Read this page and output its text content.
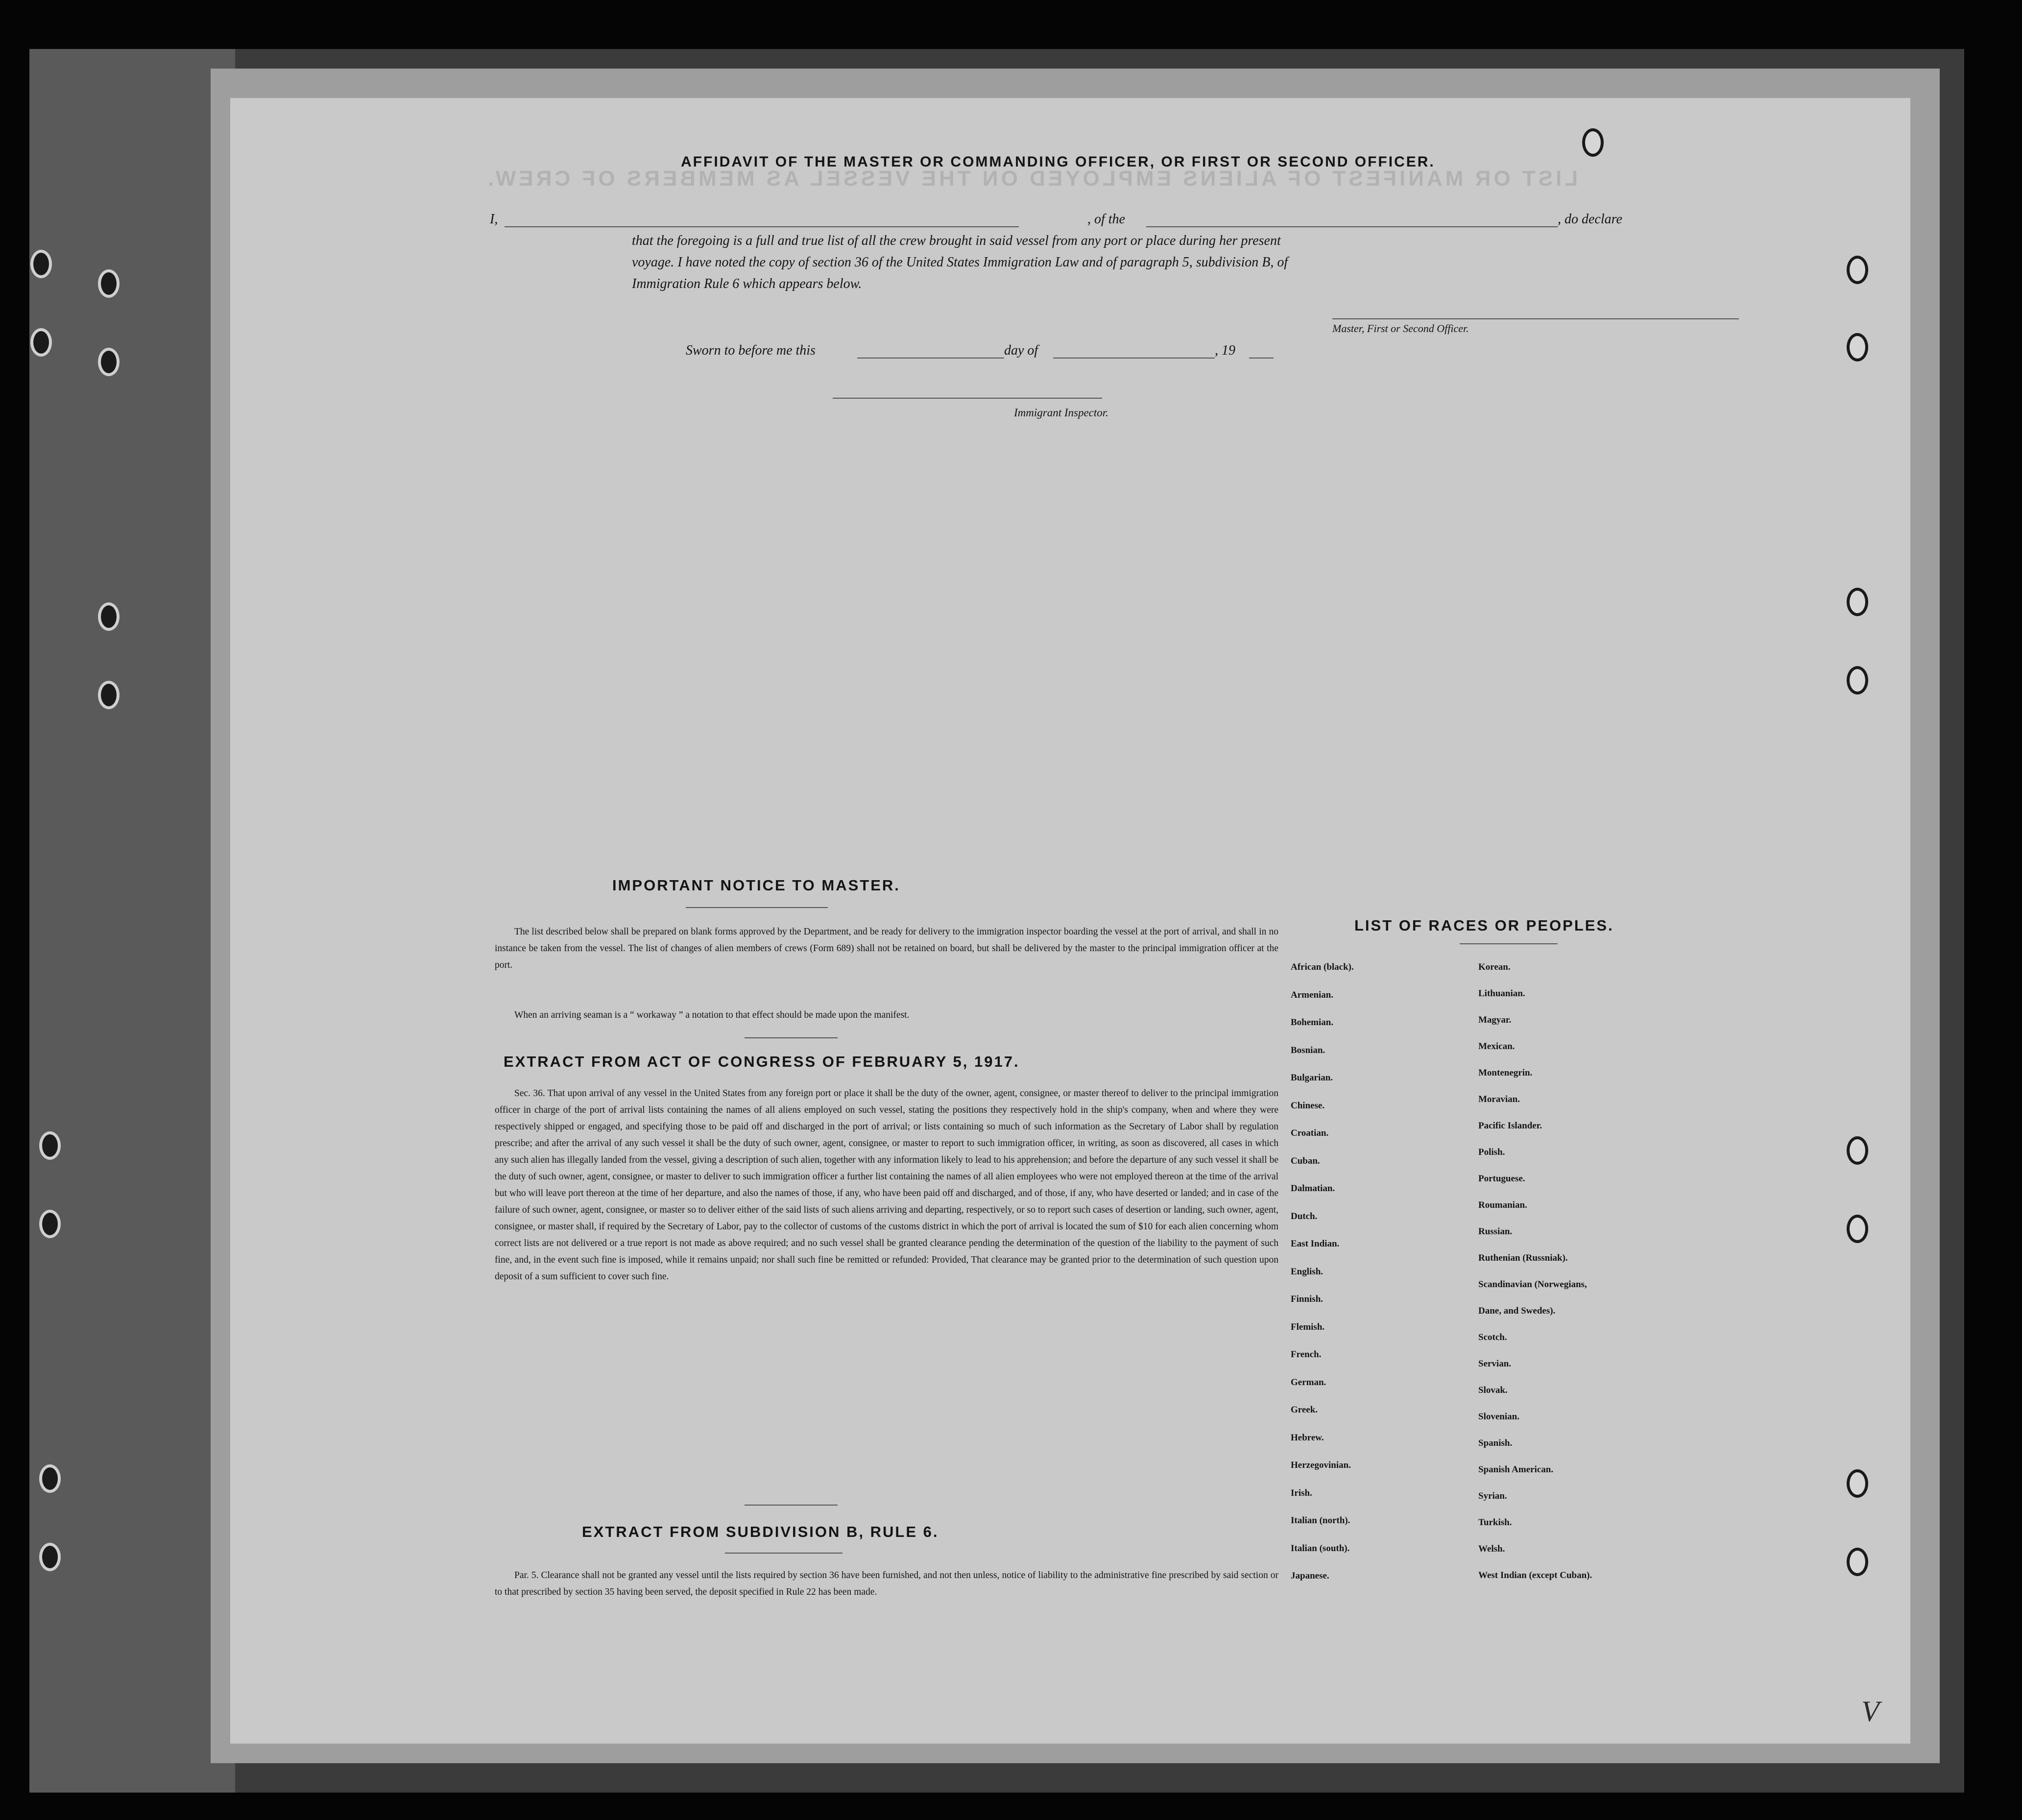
LIST OR MANIFEST OF ALIENS EMPLOYED ON THE VESSEL AS MEMBERS OF CREW.
AFFIDAVIT OF THE MASTER OR COMMANDING OFFICER, OR FIRST OR SECOND OFFICER.
I,	, of the	, do declare
that the foregoing is a full and true list of all the crew brought in said vessel from any port or place during her present
voyage. I have noted the copy of section 36 of the United States Immigration Law and of paragraph 5, subdivision B, of
Immigration Rule 6 which appears below.
Master, First or Second Officer.
Sworn to before me this	day of	, 19
Immigrant Inspector.
IMPORTANT NOTICE TO MASTER.
The list described below shall be prepared on blank forms approved by the Department, and be ready for delivery to the immigration inspector boarding the vessel at the port of arrival, and shall in no instance be taken from the vessel. The list of changes of alien members of crews (Form 689) shall not be retained on board, but shall be delivered by the master to the principal immigration officer at the port.
When an arriving seaman is a “ workaway ” a notation to that effect should be made upon the manifest.
EXTRACT FROM ACT OF CONGRESS OF FEBRUARY 5, 1917.
Sec. 36. That upon arrival of any vessel in the United States from any foreign port or place it shall be the duty of the owner, agent, consignee, or master thereof to deliver to the principal immigration officer in charge of the port of arrival lists containing the names of all aliens employed on such vessel, stating the positions they respectively hold in the ship's company, when and where they were respectively shipped or engaged, and specifying those to be paid off and discharged in the port of arrival; or lists containing so much of such information as the Secretary of Labor shall by regulation prescribe; and after the arrival of any such vessel it shall be the duty of such owner, agent, consignee, or master to report to such immigration officer, in writing, as soon as discovered, all cases in which any such alien has illegally landed from the vessel, giving a description of such alien, together with any information likely to lead to his apprehension; and before the departure of any such vessel it shall be the duty of such owner, agent, consignee, or master to deliver to such immigration officer a further list containing the names of all alien employees who were not employed thereon at the time of the arrival but who will leave port thereon at the time of her departure, and also the names of those, if any, who have been paid off and discharged, and of those, if any, who have deserted or landed; and in case of the failure of such owner, agent, consignee, or master so to deliver either of the said lists of such aliens arriving and departing, respectively, or so to report such cases of desertion or landing, such owner, agent, consignee, or master shall, if required by the Secretary of Labor, pay to the collector of customs of the customs district in which the port of arrival is located the sum of $10 for each alien concerning whom correct lists are not delivered or a true report is not made as above required; and no such vessel shall be granted clearance pending the determination of the question of the liability to the payment of such fine, and, in the event such fine is imposed, while it remains unpaid; nor shall such fine be remitted or refunded: Provided, That clearance may be granted prior to the determination of such question upon deposit of a sum sufficient to cover such fine.
EXTRACT FROM SUBDIVISION B, RULE 6.
Par. 5. Clearance shall not be granted any vessel until the lists required by section 36 have been furnished, and not then unless, notice of liability to the administrative fine prescribed by said section or to that prescribed by section 35 having been served, the deposit specified in Rule 22 has been made.
LIST OF RACES OR PEOPLES.
African (black).
Armenian.
Bohemian.
Bosnian.
Bulgarian.
Chinese.
Croatian.
Cuban.
Dalmatian.
Dutch.
East Indian.
English.
Finnish.
Flemish.
French.
German.
Greek.
Hebrew.
Herzegovinian.
Irish.
Italian (north).
Italian (south).
Japanese.
Korean.
Lithuanian.
Magyar.
Mexican.
Montenegrin.
Moravian.
Pacific Islander.
Polish.
Portuguese.
Roumanian.
Russian.
Ruthenian (Russniak).
Scandinavian (Norwegians,
Dane, and Swedes).
Scotch.
Servian.
Slovak.
Slovenian.
Spanish.
Spanish American.
Syrian.
Turkish.
Welsh.
West Indian (except Cuban).
V
